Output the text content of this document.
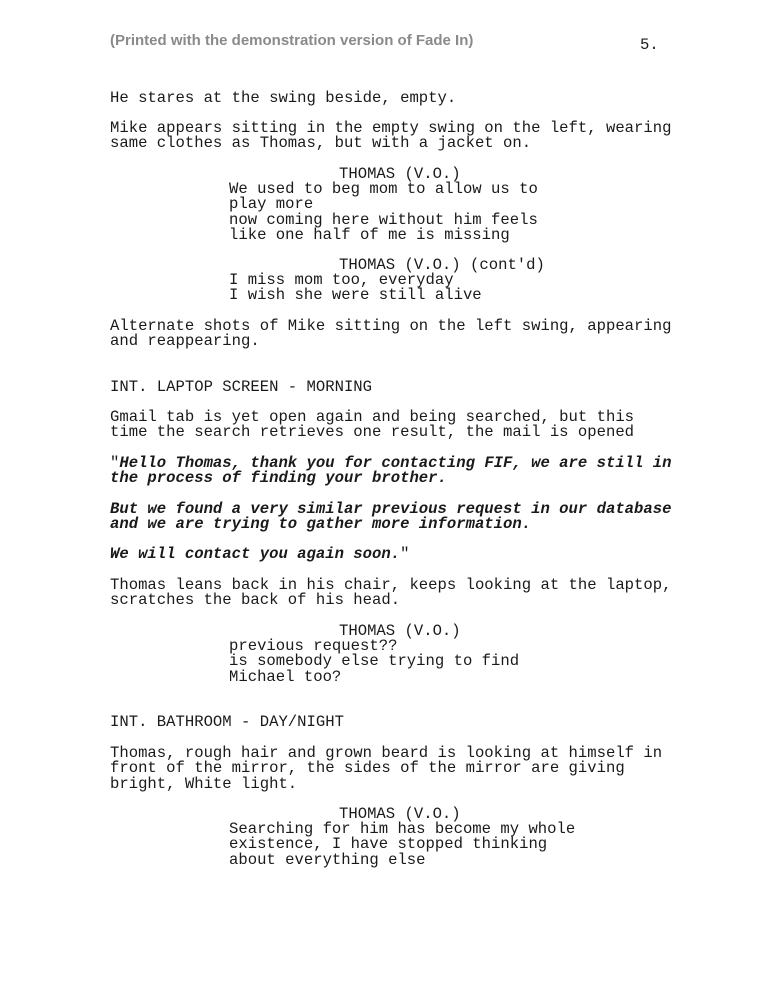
(Printed with the demonstration version of Fade In)	5.
He stares at the swing beside, empty.
Mike appears sitting in the empty swing on the left, wearing
same clothes as Thomas, but with a jacket on.
THOMAS (V.O.)
We used to beg mom to allow us to
play more
now coming here without him feels
like one half of me is missing
THOMAS (V.O.) (cont'd)
I miss mom too, everyday
I wish she were still alive
Alternate shots of Mike sitting on the left swing, appearing
and reappearing.
INT. LAPTOP SCREEN - MORNING
Gmail tab is yet open again and being searched, but this
time the search retrieves one result, the mail is opened
"Hello Thomas, thank you for contacting FIF, we are still in
the process of finding your brother.
But we found a very similar previous request in our database
and we are trying to gather more information.
We will contact you again soon."
Thomas leans back in his chair, keeps looking at the laptop,
scratches the back of his head.
THOMAS (V.O.)
previous request??
is somebody else trying to find
Michael too?
INT. BATHROOM - DAY/NIGHT
Thomas, rough hair and grown beard is looking at himself in
front of the mirror, the sides of the mirror are giving
bright, White light.
THOMAS (V.O.)
Searching for him has become my whole
existence, I have stopped thinking
about everything else
